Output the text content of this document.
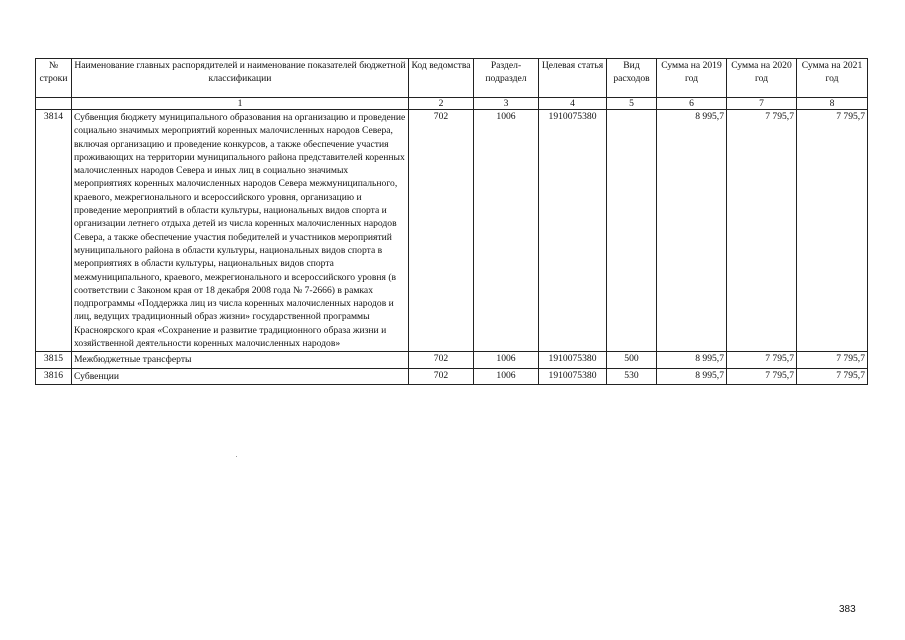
№ строки	Наименование главных распорядителей и наименование показателей бюджетной классификации	Код ведомства	Раздел-подраздел	Целевая статья	Вид расходов	Сумма на 2019 год	Сумма на 2020 год	Сумма на 2021 год
	1	2	3	4	5	6	7	8
3814	Субвенция бюджету муниципального образования на организацию и проведение социально значимых мероприятий коренных малочисленных народов Севера, включая организацию и проведение конкурсов, а также обеспечение участия проживающих на территории муниципального района представителей коренных малочисленных народов Севера и иных лиц в социально значимых мероприятиях коренных малочисленных народов Севера межмуниципального, краевого, межрегионального и всероссийского уровня, организацию и проведение мероприятий в области культуры, национальных видов спорта и организации летнего отдыха детей из числа коренных малочисленных народов Севера, а также обеспечение участия победителей и участников мероприятий муниципального района в области культуры, национальных видов спорта в мероприятиях в области культуры, национальных видов спорта межмуниципального, краевого, межрегионального и всероссийского уровня (в соответствии с Законом края от 18 декабря 2008 года № 7-2666) в рамках подпрограммы «Поддержка лиц из числа коренных малочисленных народов и лиц, ведущих традиционный образ жизни» государственной программы Красноярского края «Сохранение и развитие традиционного образа жизни и хозяйственной деятельности коренных малочисленных народов»	702	1006	1910075380		8 995,7	7 795,7	7 795,7
3815	Межбюджетные трансферты	702	1006	1910075380	500	8 995,7	7 795,7	7 795,7
3816	Субвенции	702	1006	1910075380	530	8 995,7	7 795,7	7 795,7
383
